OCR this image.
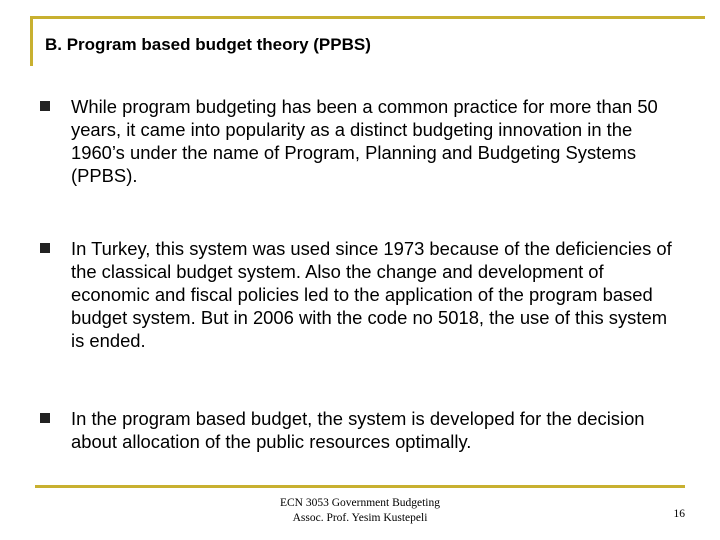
B. Program based budget theory (PPBS)
While program budgeting has been a common practice for more than 50 years, it came into popularity as a distinct budgeting innovation in the 1960’s under the name of Program, Planning and Budgeting Systems (PPBS).
In Turkey, this system was used since 1973 because of the deficiencies of the classical budget system. Also the change and development of economic and fiscal policies led to the application of the program based budget system. But in 2006 with the code no 5018, the use of this system is ended.
In the program based budget, the system is developed for the decision about allocation of the public resources optimally.
ECN 3053 Government Budgeting
Assoc. Prof. Yesim Kustepeli	16
